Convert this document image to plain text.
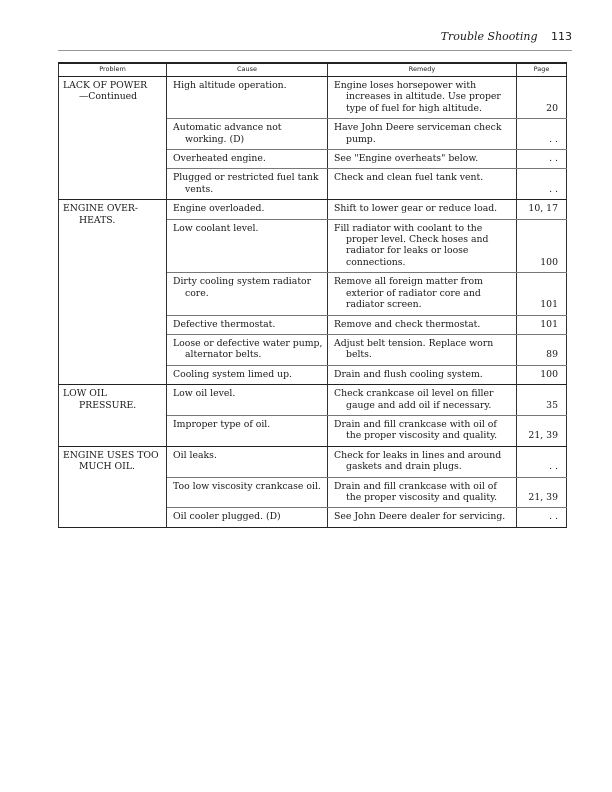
Trouble Shooting 113
Problem	Cause	Remedy	Page

LACK OF POWER
—Continued	High altitude operation.	Engine loses horsepower with increases in altitude. Use proper type of fuel for high altitude.	20

	Automatic advance not working. (D)	Have John Deere serviceman check pump.	. .

	Overheated engine.	See "Engine overheats" below.	. .

	Plugged or restricted fuel tank vents.	Check and clean fuel tank vent.	. .

ENGINE OVER-
HEATS.	Engine overloaded.	Shift to lower gear or reduce load.	10, 17

	Low coolant level.	Fill radiator with coolant to the proper level. Check hoses and radiator for leaks or loose connections.	100

	Dirty cooling system radiator core.	Remove all foreign matter from exterior of radiator core and radiator screen.	101

	Defective thermostat.	Remove and check thermostat.	101

	Loose or defective water pump, alternator belts.	Adjust belt tension. Replace worn belts.	89

	Cooling system limed up.	Drain and flush cooling system.	100

LOW OIL
PRESSURE.	Low oil level.	Check crankcase oil level on filler gauge and add oil if necessary.	35

	Improper type of oil.	Drain and fill crankcase with oil of the proper viscosity and quality.	21, 39

ENGINE USES TOO
MUCH OIL.	Oil leaks.	Check for leaks in lines and around gaskets and drain plugs.	. .

	Too low viscosity crankcase oil.	Drain and fill crankcase with oil of the proper viscosity and quality.	21, 39

	Oil cooler plugged. (D)	See John Deere dealer for servicing.	. .
